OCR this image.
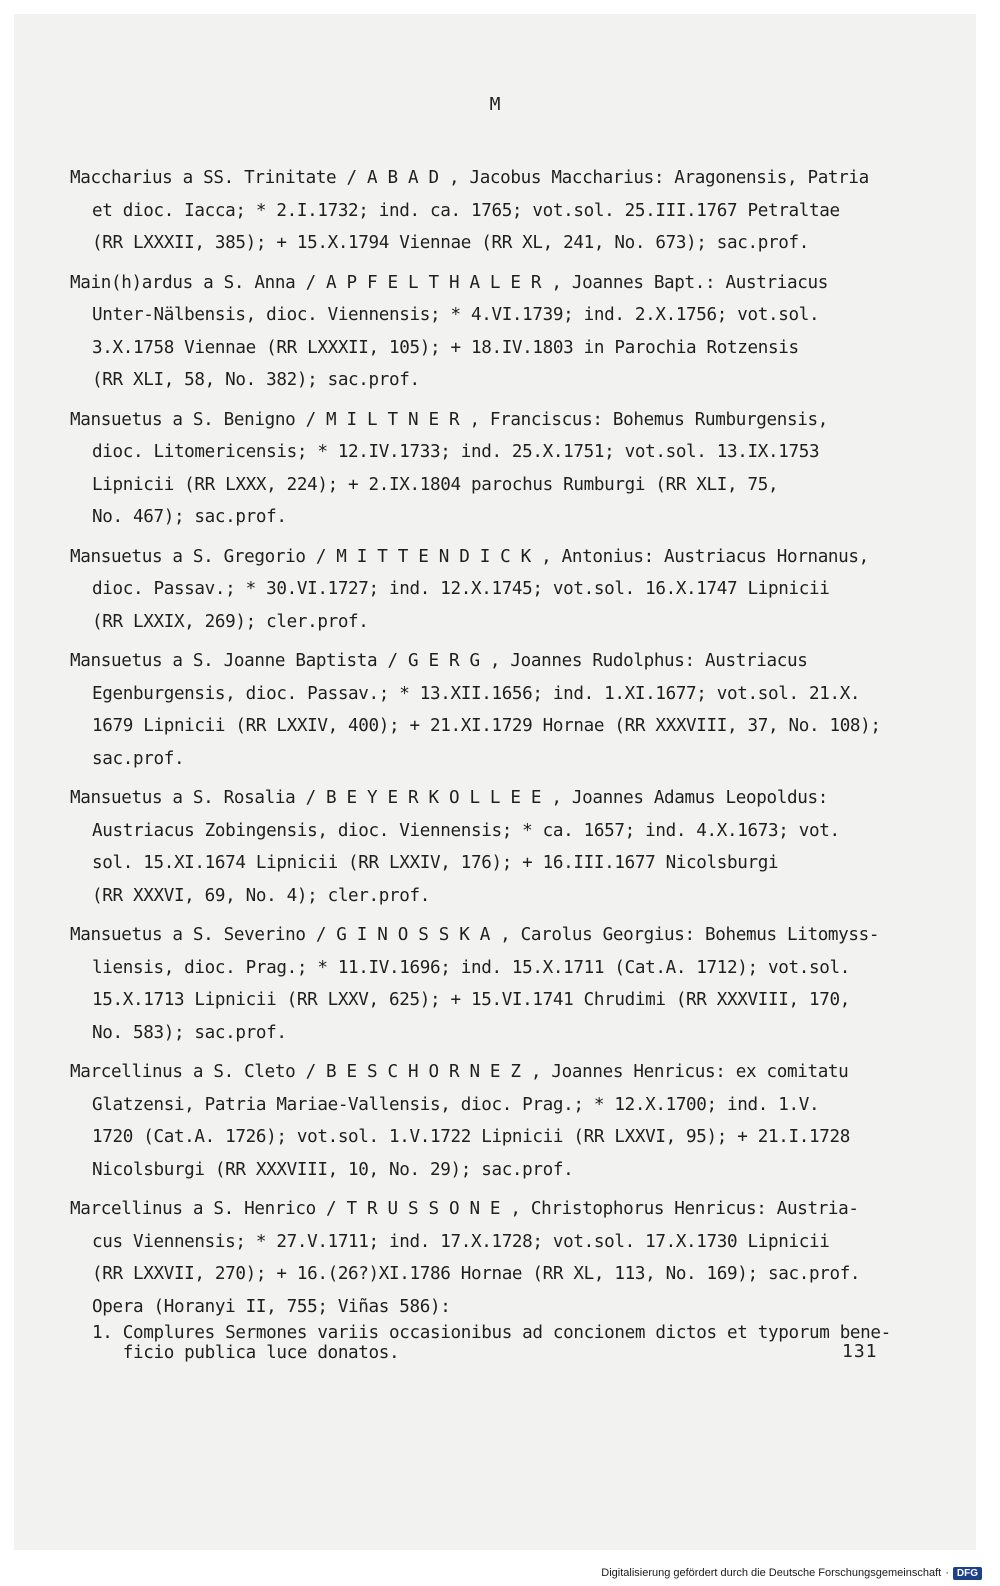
M
Maccharius a SS. Trinitate / A B A D , Jacobus Maccharius: Aragonensis, Patria
et dioc. Iacca; * 2.I.1732; ind. ca. 1765; vot.sol. 25.III.1767 Petraltae
(RR LXXXII, 385); + 15.X.1794 Viennae (RR XL, 241, No. 673); sac.prof.
Main(h)ardus a S. Anna / A P F E L T H A L E R , Joannes Bapt.: Austriacus
Unter-Nälbensis, dioc. Viennensis; * 4.VI.1739; ind. 2.X.1756; vot.sol.
3.X.1758 Viennae (RR LXXXII, 105); + 18.IV.1803 in Parochia Rotzensis
(RR XLI, 58, No. 382); sac.prof.
Mansuetus a S. Benigno / M I L T N E R , Franciscus: Bohemus Rumburgensis,
dioc. Litomericensis; * 12.IV.1733; ind. 25.X.1751; vot.sol. 13.IX.1753
Lipnicii (RR LXXX, 224); + 2.IX.1804 parochus Rumburgi (RR XLI, 75,
No. 467); sac.prof.
Mansuetus a S. Gregorio / M I T T E N D I C K , Antonius: Austriacus Hornanus,
dioc. Passav.; * 30.VI.1727; ind. 12.X.1745; vot.sol. 16.X.1747 Lipnicii
(RR LXXIX, 269); cler.prof.
Mansuetus a S. Joanne Baptista / G E R G , Joannes Rudolphus: Austriacus
Egenburgensis, dioc. Passav.; * 13.XII.1656; ind. 1.XI.1677; vot.sol. 21.X.
1679 Lipnicii (RR LXXIV, 400); + 21.XI.1729 Hornae (RR XXXVIII, 37, No. 108);
sac.prof.
Mansuetus a S. Rosalia / B E Y E R K O L L E E , Joannes Adamus Leopoldus:
Austriacus Zobingensis, dioc. Viennensis; * ca. 1657; ind. 4.X.1673; vot.
sol. 15.XI.1674 Lipnicii (RR LXXIV, 176); + 16.III.1677 Nicolsburgi
(RR XXXVI, 69, No. 4); cler.prof.
Mansuetus a S. Severino / G I N O S S K A , Carolus Georgius: Bohemus Litomyss-
liensis, dioc. Prag.; * 11.IV.1696; ind. 15.X.1711 (Cat.A. 1712); vot.sol.
15.X.1713 Lipnicii (RR LXXV, 625); + 15.VI.1741 Chrudimi (RR XXXVIII, 170,
No. 583); sac.prof.
Marcellinus a S. Cleto / B E S C H O R N E Z , Joannes Henricus: ex comitatu
Glatzensi, Patria Mariae-Vallensis, dioc. Prag.; * 12.X.1700; ind. 1.V.
1720 (Cat.A. 1726); vot.sol. 1.V.1722 Lipnicii (RR LXXVI, 95); + 21.I.1728
Nicolsburgi (RR XXXVIII, 10, No. 29); sac.prof.
Marcellinus a S. Henrico / T R U S S O N E , Christophorus Henricus: Austria-
cus Viennensis; * 27.V.1711; ind. 17.X.1728; vot.sol. 17.X.1730 Lipnicii
(RR LXXVII, 270); + 16.(26?)XI.1786 Hornae (RR XL, 113, No. 169); sac.prof.
Opera (Horanyi II, 755; Viñas 586):
1. Complures Sermones variis occasionibus ad concionem dictos et typorum bene-
ficio publica luce donatos.	131
Digitalisierung gefördert durch die Deutsche Forschungsgemeinschaft · DFG
